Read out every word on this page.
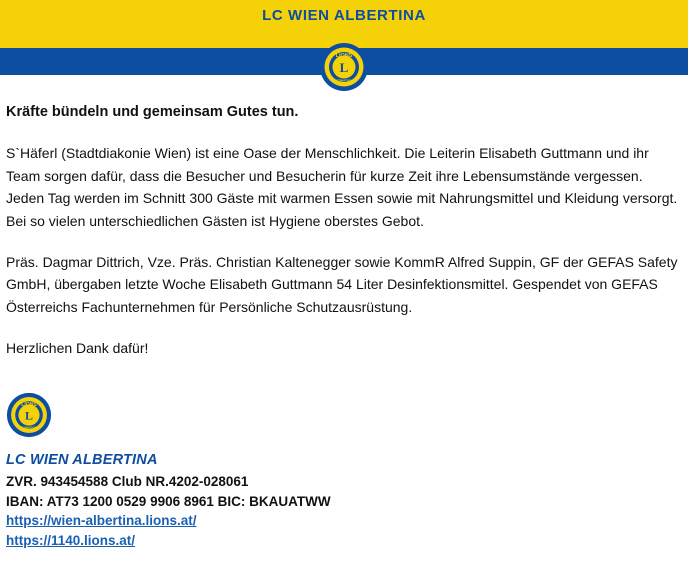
LC WIEN ALBERTINA
LIONS
L
INTERNATIONAL

Kräfte bündeln und gemeinsam Gutes tun.

S`Häferl (Stadtdiakonie Wien) ist eine Oase der Menschlichkeit. Die Leiterin Elisabeth Guttmann und ihr Team sorgen dafür, dass die Besucher und Besucherin für kurze Zeit ihre Lebensumstände vergessen. Jeden Tag werden im Schnitt 300 Gäste mit warmen Essen sowie mit Nahrungsmittel und Kleidung versorgt. Bei so vielen unterschiedlichen Gästen ist Hygiene oberstes Gebot.

Präs. Dagmar Dittrich, Vze. Präs. Christian Kaltenegger sowie KommR Alfred Suppin, GF der GEFAS Safety GmbH, übergaben letzte Woche Elisabeth Guttmann 54 Liter Desinfektionsmittel. Gespendet von GEFAS Österreichs Fachunternehmen für Persönliche Schutzausrüstung.

Herzlichen Dank dafür!

LIONS
L
INTERNATIONAL
LC WIEN ALBERTINA
ZVR. 943454588 Club NR.4202-028061
IBAN: AT73 1200 0529 9906 8961 BIC: BKAUATWW
https://wien-albertina.lions.at/
https://1140.lions.at/
